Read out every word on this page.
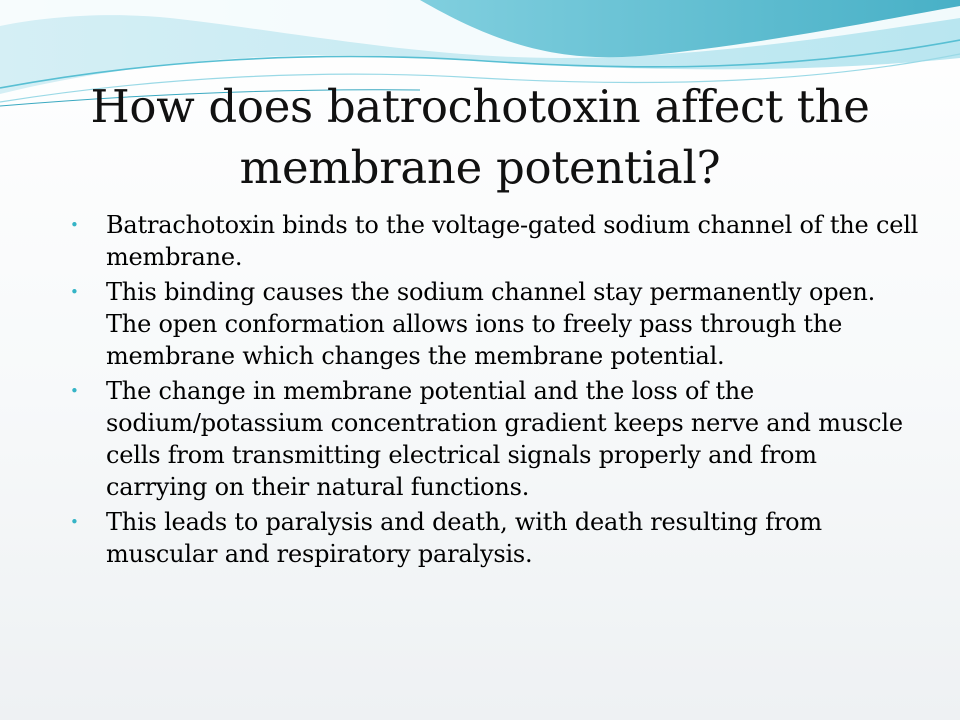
How does batrochotoxin affect the membrane potential?
•	Batrachotoxin binds to the voltage-gated sodium channel of the cell membrane.
•	This binding causes the sodium channel stay permanently open. The open conformation allows ions to freely pass through the membrane which changes the membrane potential.
•	The change in membrane potential and the loss of the sodium/potassium concentration gradient keeps nerve and muscle cells from transmitting electrical signals properly and from carrying on their natural functions.
•	This leads to paralysis and death, with death resulting from muscular and respiratory paralysis.
